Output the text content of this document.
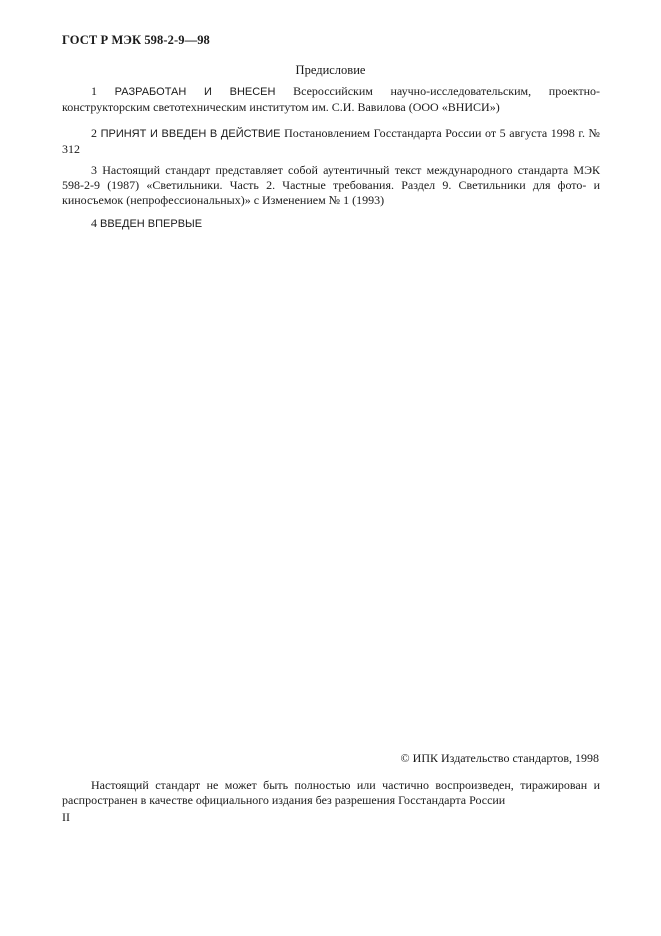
ГОСТ Р МЭК 598-2-9—98
Предисловие

1 РАЗРАБОТАН И ВНЕСЕН Всероссийским научно-исследовательским, проектно-конструкторским светотехническим институтом им. С.И. Вавилова (ООО «ВНИСИ»)

2 ПРИНЯТ И ВВЕДЕН В ДЕЙСТВИЕ Постановлением Госстандарта России от 5 августа 1998 г. № 312

3 Настоящий стандарт представляет собой аутентичный текст международного стандарта МЭК 598-2-9 (1987) «Светильники. Часть 2. Частные требования. Раздел 9. Светильники для фото- и киносъемок (непрофессиональных)» с Изменением № 1 (1993)

4 ВВЕДЕН ВПЕРВЫЕ

© ИПК Издательство стандартов, 1998

Настоящий стандарт не может быть полностью или частично воспроизведен, тиражирован и распространен в качестве официального издания без разрешения Госстандарта России

II
